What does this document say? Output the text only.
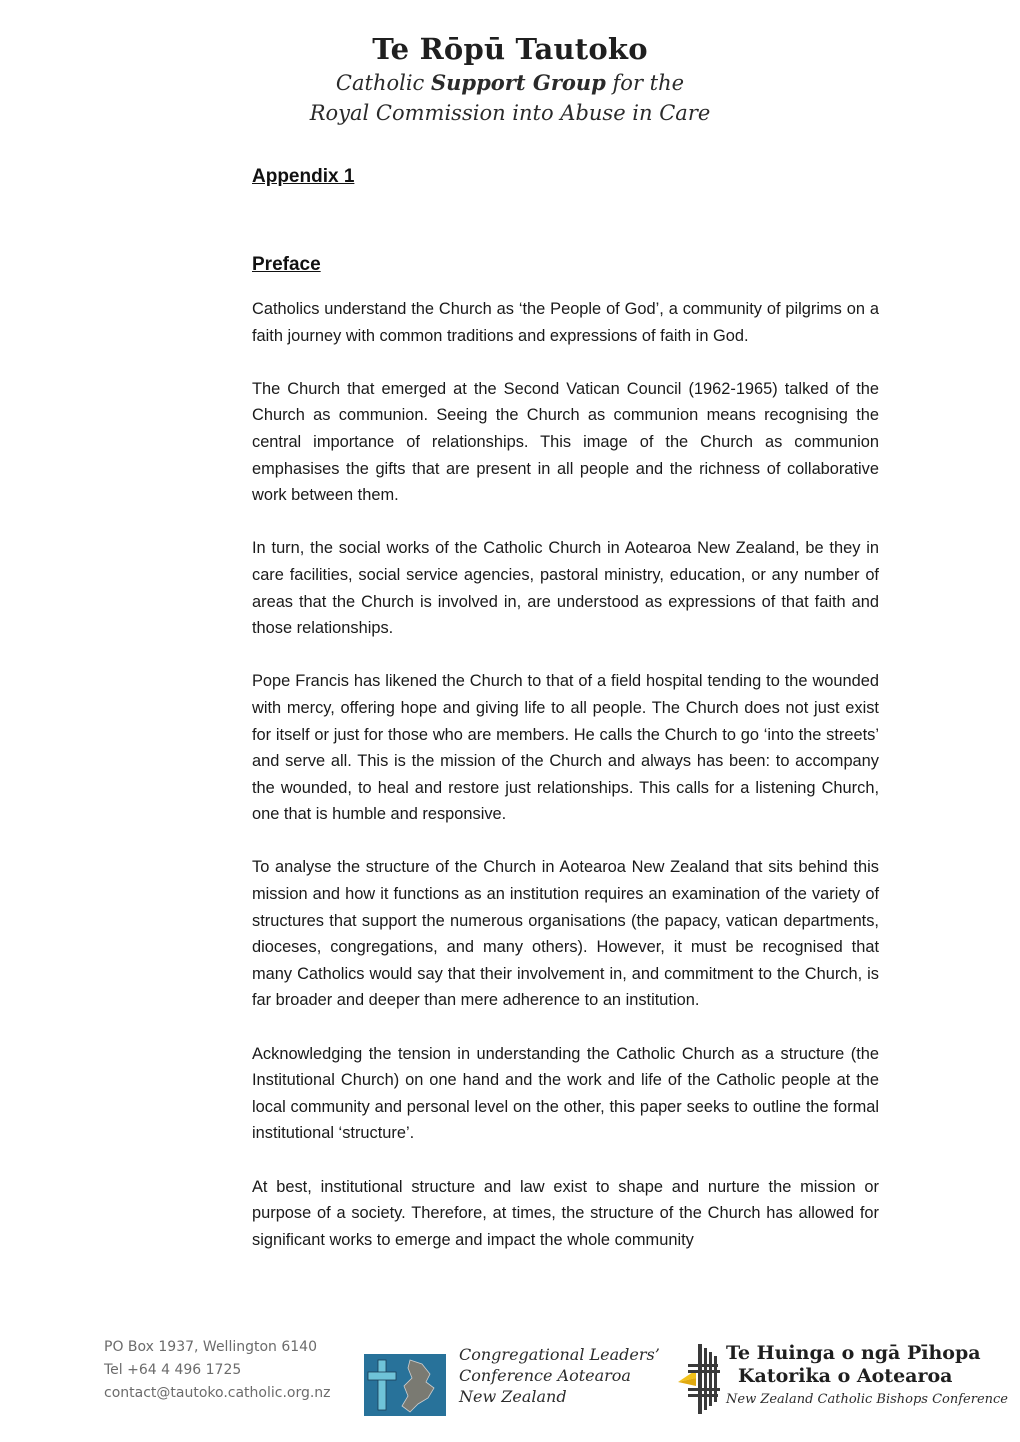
Te Rōpū Tautoko
Catholic Support Group for the
Royal Commission into Abuse in Care
Appendix 1
Preface

Catholics understand the Church as ‘the People of God’, a community of pilgrims on a faith journey with common traditions and expressions of faith in God.

The Church that emerged at the Second Vatican Council (1962-1965) talked of the Church as communion. Seeing the Church as communion means recognising the central importance of relationships. This image of the Church as communion emphasises the gifts that are present in all people and the richness of collaborative work between them.

In turn, the social works of the Catholic Church in Aotearoa New Zealand, be they in care facilities, social service agencies, pastoral ministry, education, or any number of areas that the Church is involved in, are understood as expressions of that faith and those relationships.

Pope Francis has likened the Church to that of a field hospital tending to the wounded with mercy, offering hope and giving life to all people. The Church does not just exist for itself or just for those who are members. He calls the Church to go ‘into the streets’ and serve all. This is the mission of the Church and always has been: to accompany the wounded, to heal and restore just relationships. This calls for a listening Church, one that is humble and responsive.

To analyse the structure of the Church in Aotearoa New Zealand that sits behind this mission and how it functions as an institution requires an examination of the variety of structures that support the numerous organisations (the papacy, vatican departments, dioceses, congregations, and many others). However, it must be recognised that many Catholics would say that their involvement in, and commitment to the Church, is far broader and deeper than mere adherence to an institution.

Acknowledging the tension in understanding the Catholic Church as a structure (the Institutional Church) on one hand and the work and life of the Catholic people at the local community and personal level on the other, this paper seeks to outline the formal institutional ‘structure’.

At best, institutional structure and law exist to shape and nurture the mission or purpose of a society. Therefore, at times, the structure of the Church has allowed for significant works to emerge and impact the whole community

PO Box 1937, Wellington 6140
Tel +64 4 496 1725
contact@tautoko.catholic.org.nz
Congregational Leaders’
Conference Aotearoa
New Zealand
Te Huinga o ngā Pīhopa
Katorika o Aotearoa
New Zealand Catholic Bishops Conference
